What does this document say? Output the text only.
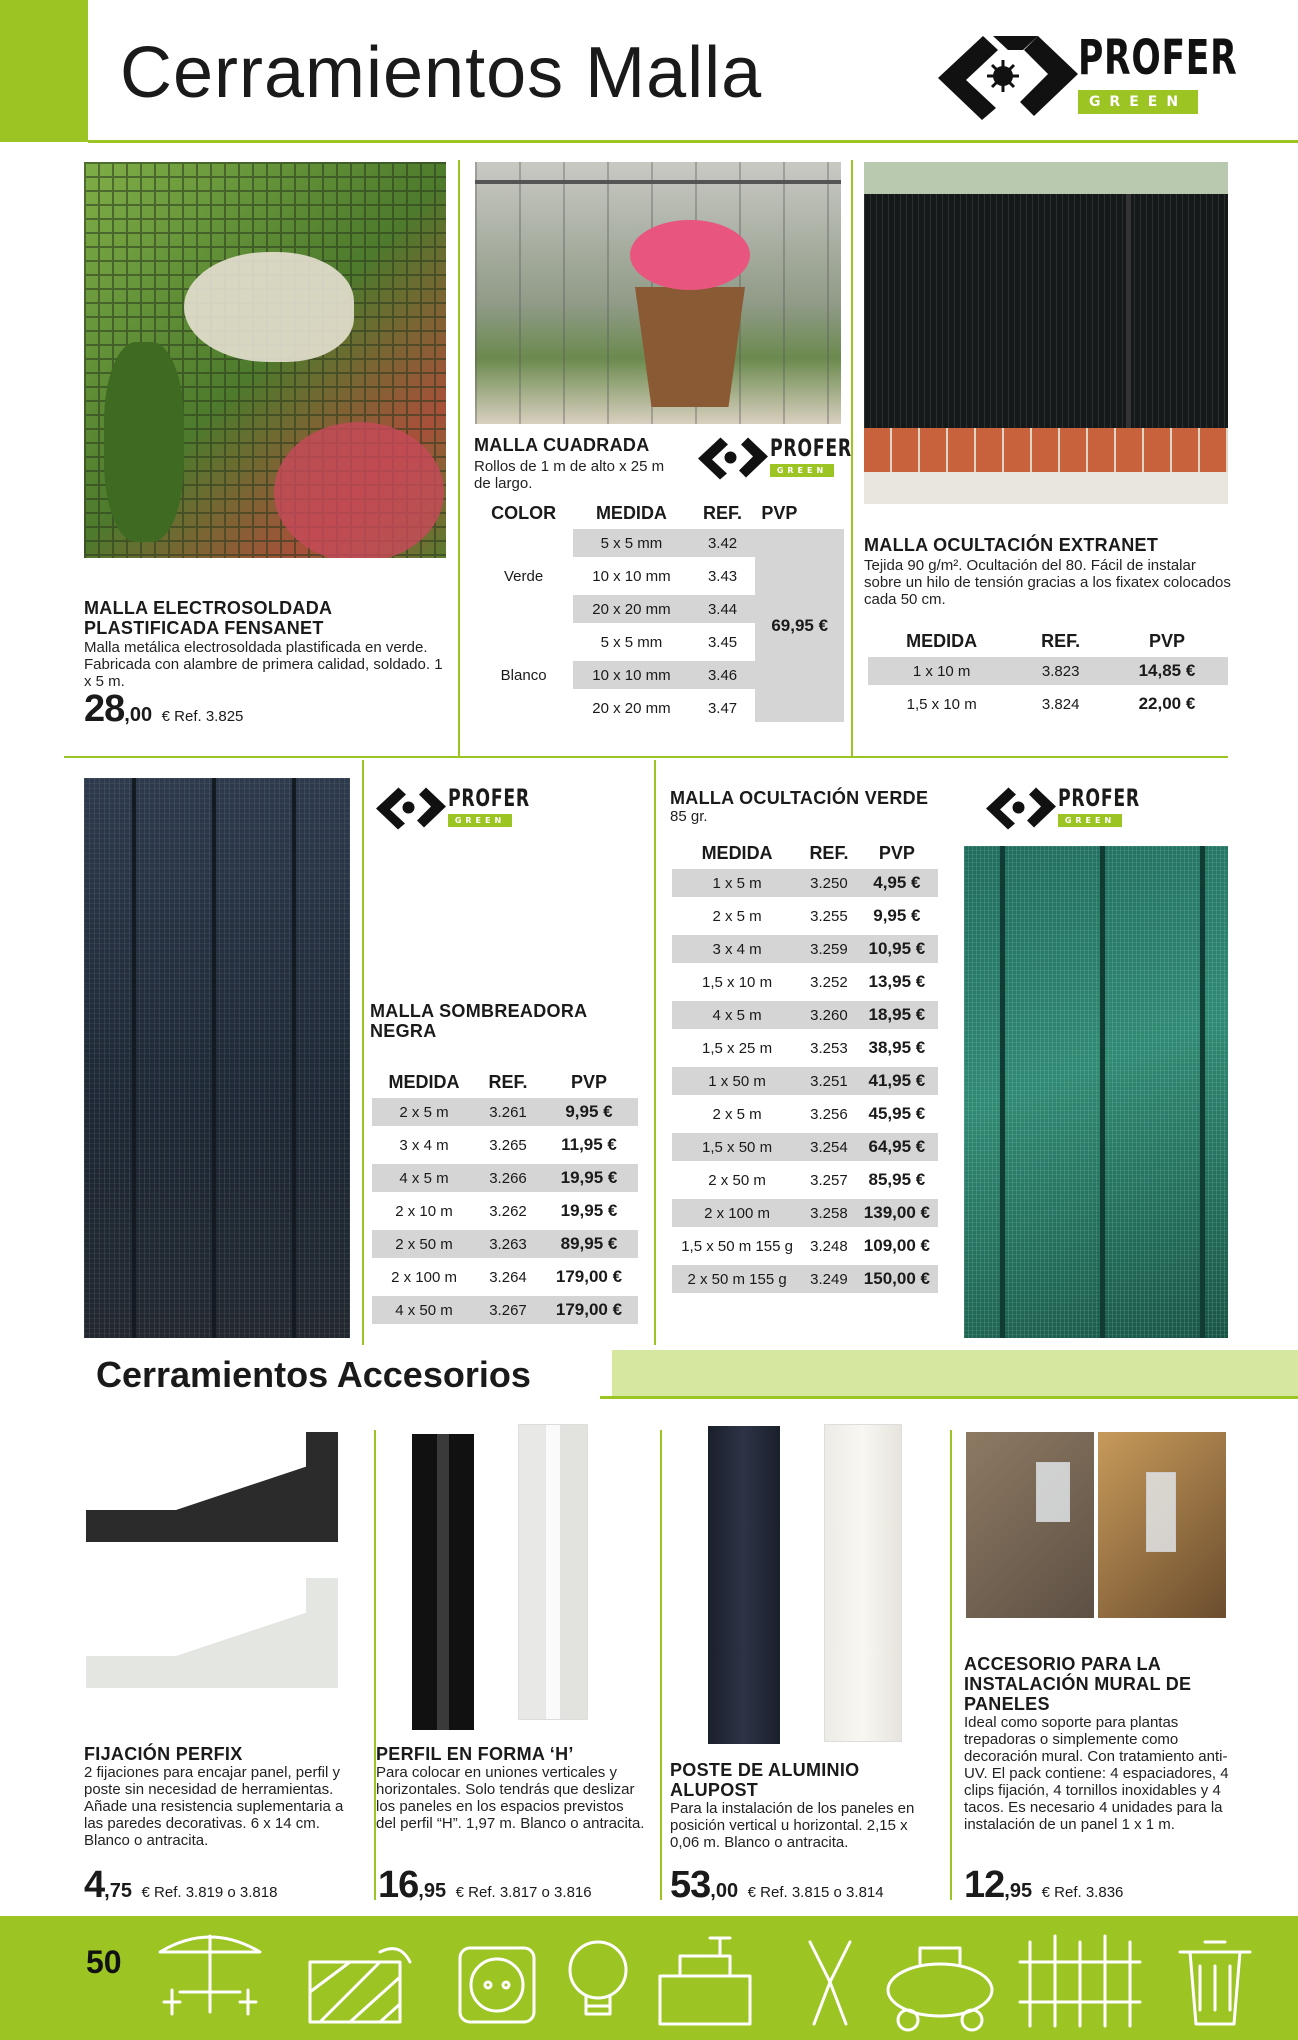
Cerramientos Malla	PROFER
GREEN
MALLA ELECTROSOLDADA PLASTIFICADA FENSANET
Malla metálica electrosoldada plastificada en verde. Fabricada con alambre de primera calidad, soldado. 1 x 5 m.
28,00 € Ref. 3.825
MALLA CUADRADA
Rollos de 1 m de alto x 25 m de largo.
PROFER
GREEN
COLOR	MEDIDA	REF.	PVP
Verde	5 x 5 mm	3.42	69,95 €
	10 x 10 mm	3.43	
	20 x 20 mm	3.44	
Blanco	5 x 5 mm	3.45	
	10 x 10 mm	3.46	
	20 x 20 mm	3.47	
MALLA OCULTACIÓN EXTRANET
Tejida 90 g/m². Ocultación del 80. Fácil de instalar sobre un hilo de tensión gracias a los fixatex colocados cada 50 cm.
MEDIDA	REF.	PVP
1 x 10 m	3.823	14,85 €
1,5 x 10 m	3.824	22,00 €
PROFER
GREEN
MALLA SOMBREADORA NEGRA
MEDIDA	REF.	PVP
2 x 5 m	3.261	9,95 €
3 x 4 m	3.265	11,95 €
4 x 5 m	3.266	19,95 €
2 x 10 m	3.262	19,95 €
2 x 50 m	3.263	89,95 €
2 x 100 m	3.264	179,00 €
4 x 50 m	3.267	179,00 €
MALLA OCULTACIÓN VERDE
85 gr.
PROFER
GREEN
MEDIDA	REF.	PVP
1 x 5 m	3.250	4,95 €
2 x 5 m	3.255	9,95 €
3 x 4 m	3.259	10,95 €
1,5 x 10 m	3.252	13,95 €
4 x 5 m	3.260	18,95 €
1,5 x 25 m	3.253	38,95 €
1 x 50 m	3.251	41,95 €
2 x 5 m	3.256	45,95 €
1,5 x 50 m	3.254	64,95 €
2 x 50 m	3.257	85,95 €
2 x 100 m	3.258	139,00 €
1,5 x 50 m 155 g	3.248	109,00 €
2 x 50 m 155 g	3.249	150,00 €
Cerramientos Accesorios
FIJACIÓN PERFIX
2 fijaciones para encajar panel, perfil y poste sin necesidad de herramientas. Añade una resistencia suplementaria a las paredes decorativas. 6 x 14 cm. Blanco o antracita.
4,75 € Ref. 3.819 o 3.818
PERFIL EN FORMA ‘H’
Para colocar en uniones verticales y horizontales. Solo tendrás que deslizar los paneles en los espacios previstos del perfil “H”. 1,97 m. Blanco o antracita.
16,95 € Ref. 3.817 o 3.816
POSTE DE ALUMINIO ALUPOST
Para la instalación de los paneles en posición vertical u horizontal. 2,15 x 0,06 m. Blanco o antracita.
53,00 € Ref. 3.815 o 3.814
ACCESORIO PARA LA INSTALACIÓN MURAL DE PANELES
Ideal como soporte para plantas trepadoras o simplemente como decoración mural. Con tratamiento anti-UV. El pack contiene: 4 espaciadores, 4 clips fijación, 4 tornillos inoxidables y 4 tacos. Es necesario 4 unidades para la instalación de un panel 1 x 1 m.
12,95 € Ref. 3.836
50
